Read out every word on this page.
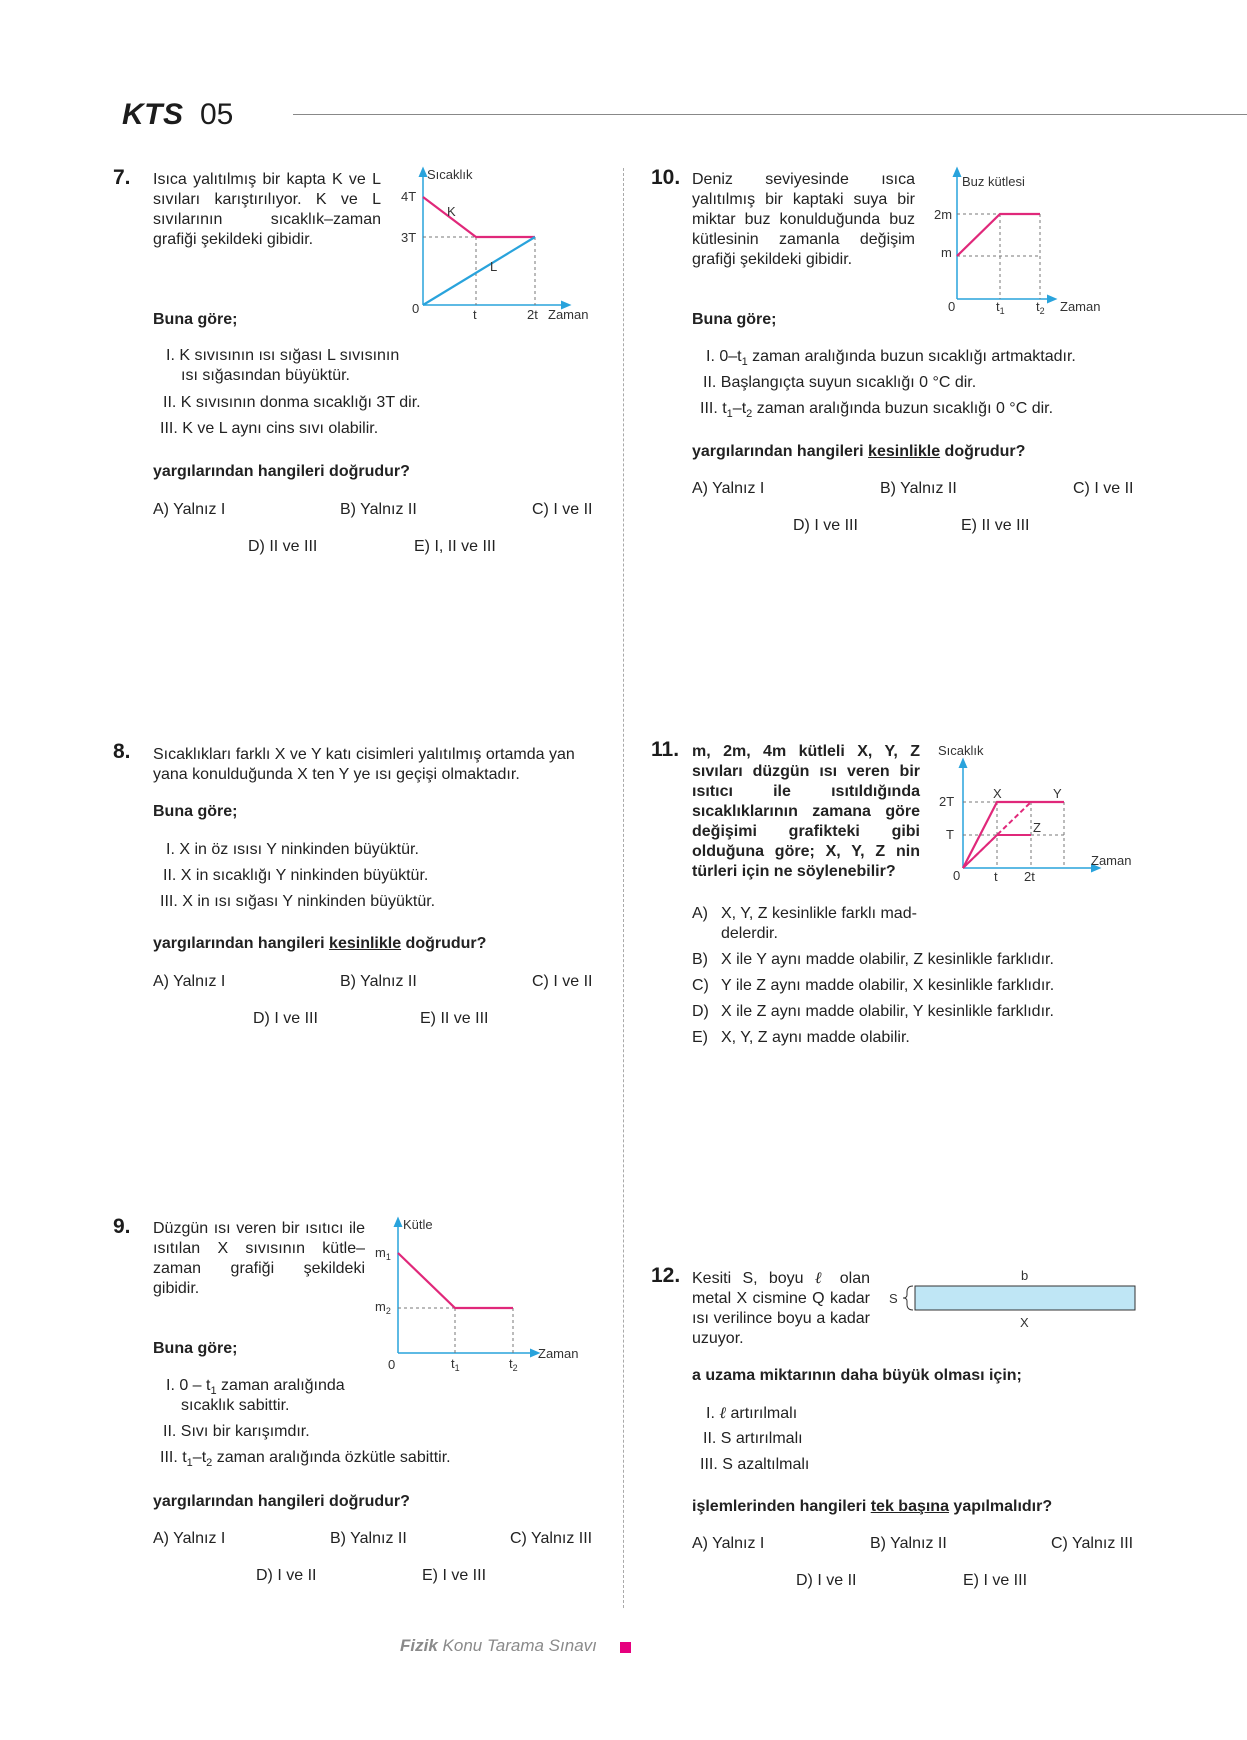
KTS 05
7. Isıca yalıtılmış bir kapta K ve L sıvıları karıştırılıyor. K ve L sıvılarının sıcaklık–zaman grafiği şekildeki gibidir.
Sıcaklık
4T
3T
0	t	2t Zaman
K
L
Buna göre;
I. K sıvısının ısı sığası L sıvısının
ısı sığasından büyüktür.
II. K sıvısının donma sıcaklığı 3T dir.
III. K ve L aynı cins sıvı olabilir.
yargılarından hangileri doğrudur?
A) Yalnız I	B) Yalnız II	C) I ve II
D) II ve III	E) I, II ve III
8. Sıcaklıkları farklı X ve Y katı cisimleri yalıtılmış ortamda yan yana konulduğunda X ten Y ye ısı geçişi olmaktadır.
Buna göre;
I. X in öz ısısı Y ninkinden büyüktür.
II. X in sıcaklığı Y ninkinden büyüktür.
III. X in ısı sığası Y ninkinden büyüktür.
yargılarından hangileri kesinlikle doğrudur?
A) Yalnız I	B) Yalnız II	C) I ve II
D) I ve III	E) II ve III
9. Düzgün ısı veren bir ısıtıcı ile ısıtılan X sıvısının kütle–zaman grafiği şekildeki gibidir.
Kütle
$m_1$
$m_2$
0	$t_1$	$t_2$
Zaman
Buna göre;
I. $0 - t_1$ zaman aralığında
sıcaklık sabittir.
II. Sıvı bir karışımdır.
III. $t_1-t_2$ zaman aralığında özkütle sabittir.
yargılarından hangileri doğrudur?
A) Yalnız I	B) Yalnız II	C) Yalnız III
D) I ve II	E) I ve III
10. Deniz seviyesinde ısıca yalıtılmış bir kaptaki suya bir miktar buz konulduğunda buz kütlesinin zamanla değişim grafiği şekildeki gibidir.
Buz kütlesi
2m
m
0	$t_1$ $t_2$ Zaman
Buna göre;
I. $0-t_1$ zaman aralığında buzun sıcaklığı artmaktadır.
II. Başlangıçta suyun sıcaklığı 0 °C dir.
III. $t_1-t_2$ zaman aralığında buzun sıcaklığı 0 °C dir.
yargılarından hangileri kesinlikle doğrudur?
A) Yalnız I	B) Yalnız II	C) I ve II
D) I ve III	E) II ve III
11. m, 2m, 4m kütleli X, Y, Z sıvıları düzgün ısı veren bir ısıtıcı ile ısıtıldığında sıcaklıklarının zamana göre değişimi grafikteki gibi olduğuna göre; X, Y, Z nin türleri için ne söylenebilir?
Sıcaklık
2T
T
0	t 2t
Zaman
X	Y
Z
A) X, Y, Z kesinlikle farklı mad-
delerdir.
B) X ile Y aynı madde olabilir, Z kesinlikle farklıdır.
C) Y ile Z aynı madde olabilir, X kesinlikle farklıdır.
D) X ile Z aynı madde olabilir, Y kesinlikle farklıdır.
E) X, Y, Z aynı madde olabilir.
12. Kesiti S, boyu ℓ olan metal X cismine Q kadar ısı verilince boyu a kadar uzuyor.
S
b
X
a uzama miktarının daha büyük olması için;
I. ℓ artırılmalı
II. S artırılmalı
III. S azaltılmalı
işlemlerinden hangileri tek başına yapılmalıdır?
A) Yalnız I	B) Yalnız II	C) Yalnız III
D) I ve II	E) I ve III
Fizik Konu Tarama Sınavı
